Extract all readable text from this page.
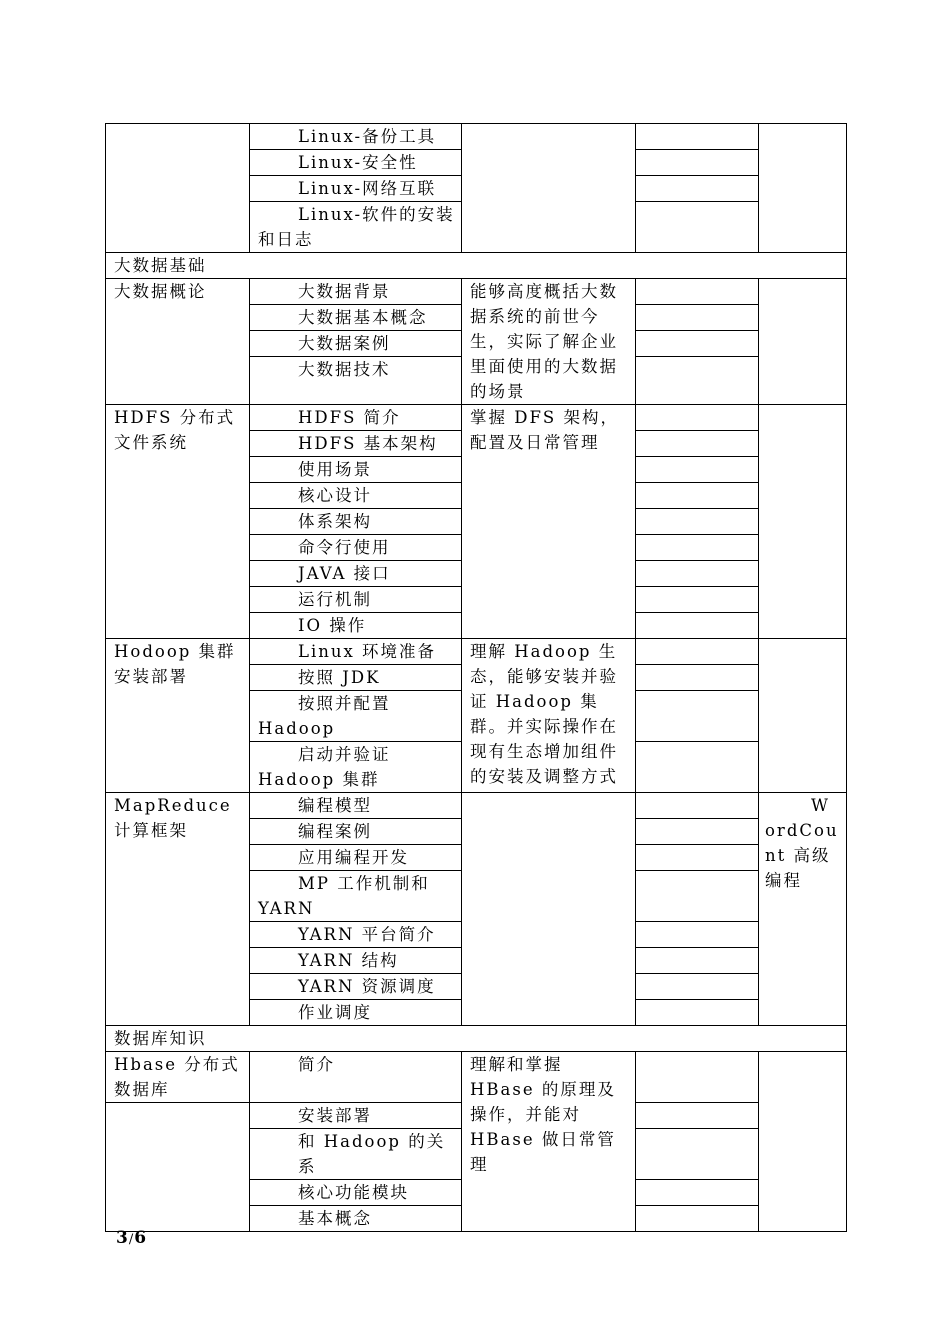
	Linux-备份工具			

	Linux-安全性			

	Linux-网络互联			

	Linux-软件的安装和日志			

大数据基础				
大数据概论	大数据背景	能够高度概括大数据系统的前世今生，实际了解企业里面使用的大数据的场景		

	大数据基本概念			

	大数据案例			

	大数据技术			

HDFS 分布式文件系统	HDFS 简介	掌握 DFS 架构，配置及日常管理		

	HDFS 基本架构			

	使用场景			

	核心设计			

	体系架构			

	命令行使用			

	JAVA 接口			

	运行机制			

	IO 操作			

Hodoop 集群安装部署	Linux 环境准备	理解 Hadoop 生态，能够安装并验证 Hadoop 集群。并实际操作在现有生态增加组件的安装及调整方式		

	按照 JDK			

	按照并配置 Hadoop			

	启动并验证 Hadoop 集群			

MapReduce 计算框架	编程模型			WordCount 高级编程

	编程案例			

	应用编程开发			

	MP 工作机制和 YARN			

	YARN 平台简介			

	YARN 结构			

	YARN 资源调度			

	作业调度			

数据库知识				
Hbase 分布式数据库	简介	理解和掌握 HBase 的原理及操作，并能对 HBase 做日常管理		

	安装部署			

	和 Hadoop 的关系			

	核心功能模块			

	基本概念			

3/6
